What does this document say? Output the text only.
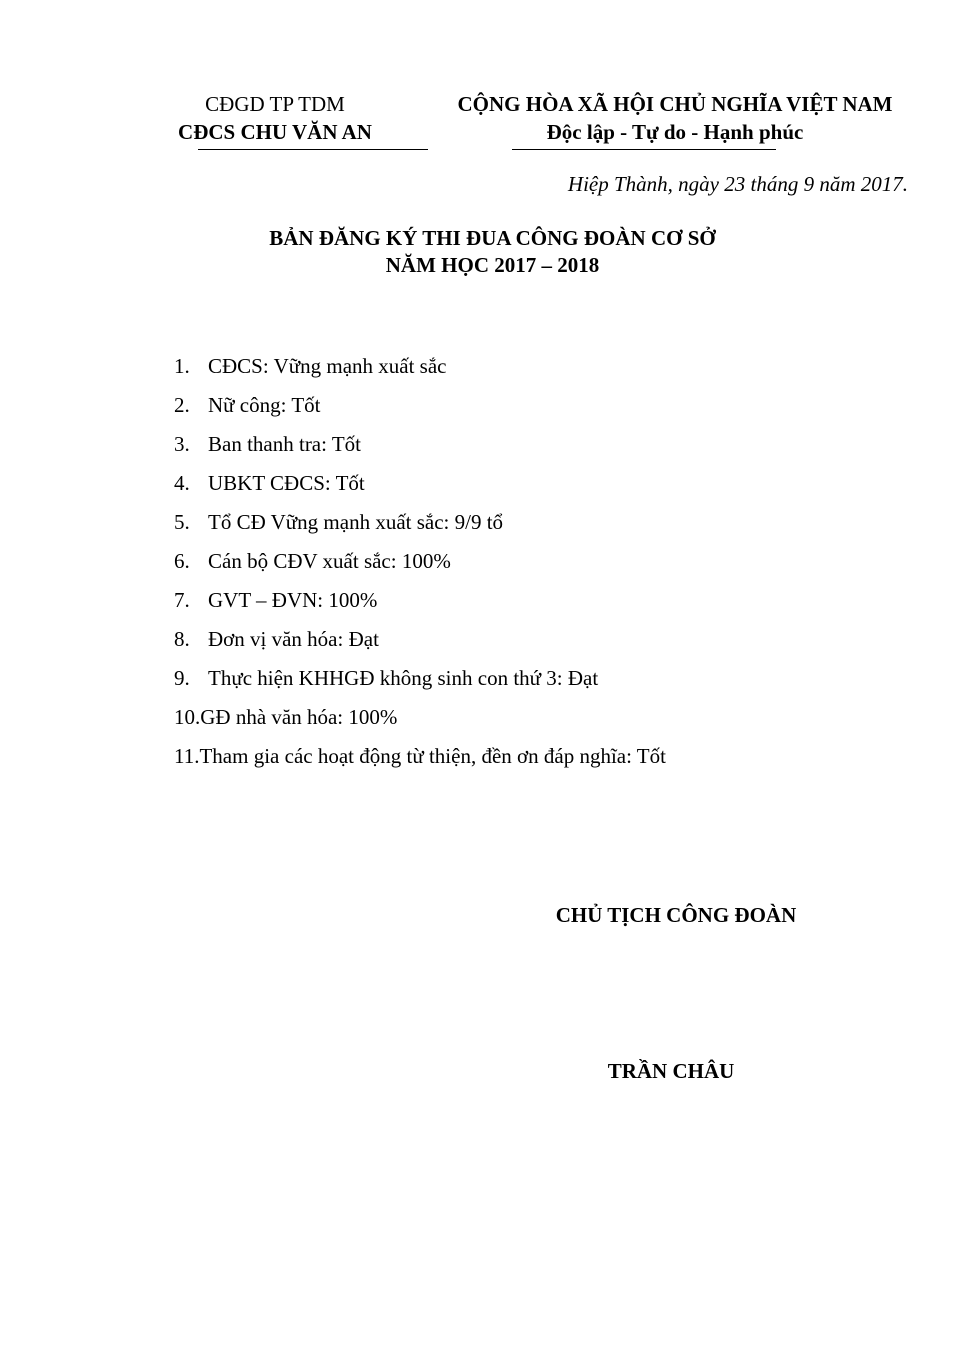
CĐGD TP TDM
CĐCS CHU VĂN AN
CỘNG HÒA XÃ HỘI CHỦ NGHĨA VIỆT NAM
Độc lập - Tự do - Hạnh phúc
Hiệp Thành, ngày 23 tháng 9 năm 2017.
BẢN ĐĂNG KÝ THI ĐUA CÔNG ĐOÀN CƠ SỞ
NĂM HỌC 2017 – 2018
1. CĐCS: Vững mạnh xuất sắc
2. Nữ công: Tốt
3. Ban thanh tra: Tốt
4. UBKT CĐCS: Tốt
5. Tổ CĐ Vững mạnh xuất sắc: 9/9 tổ
6. Cán bộ CĐV xuất sắc: 100%
7. GVT – ĐVN: 100%
8. Đơn vị văn hóa: Đạt
9. Thực hiện KHHGĐ không sinh con thứ 3: Đạt
10.GĐ nhà văn hóa: 100%
11.Tham gia các hoạt động từ thiện, đền ơn đáp nghĩa: Tốt
CHỦ TỊCH CÔNG ĐOÀN
TRẦN CHÂU
